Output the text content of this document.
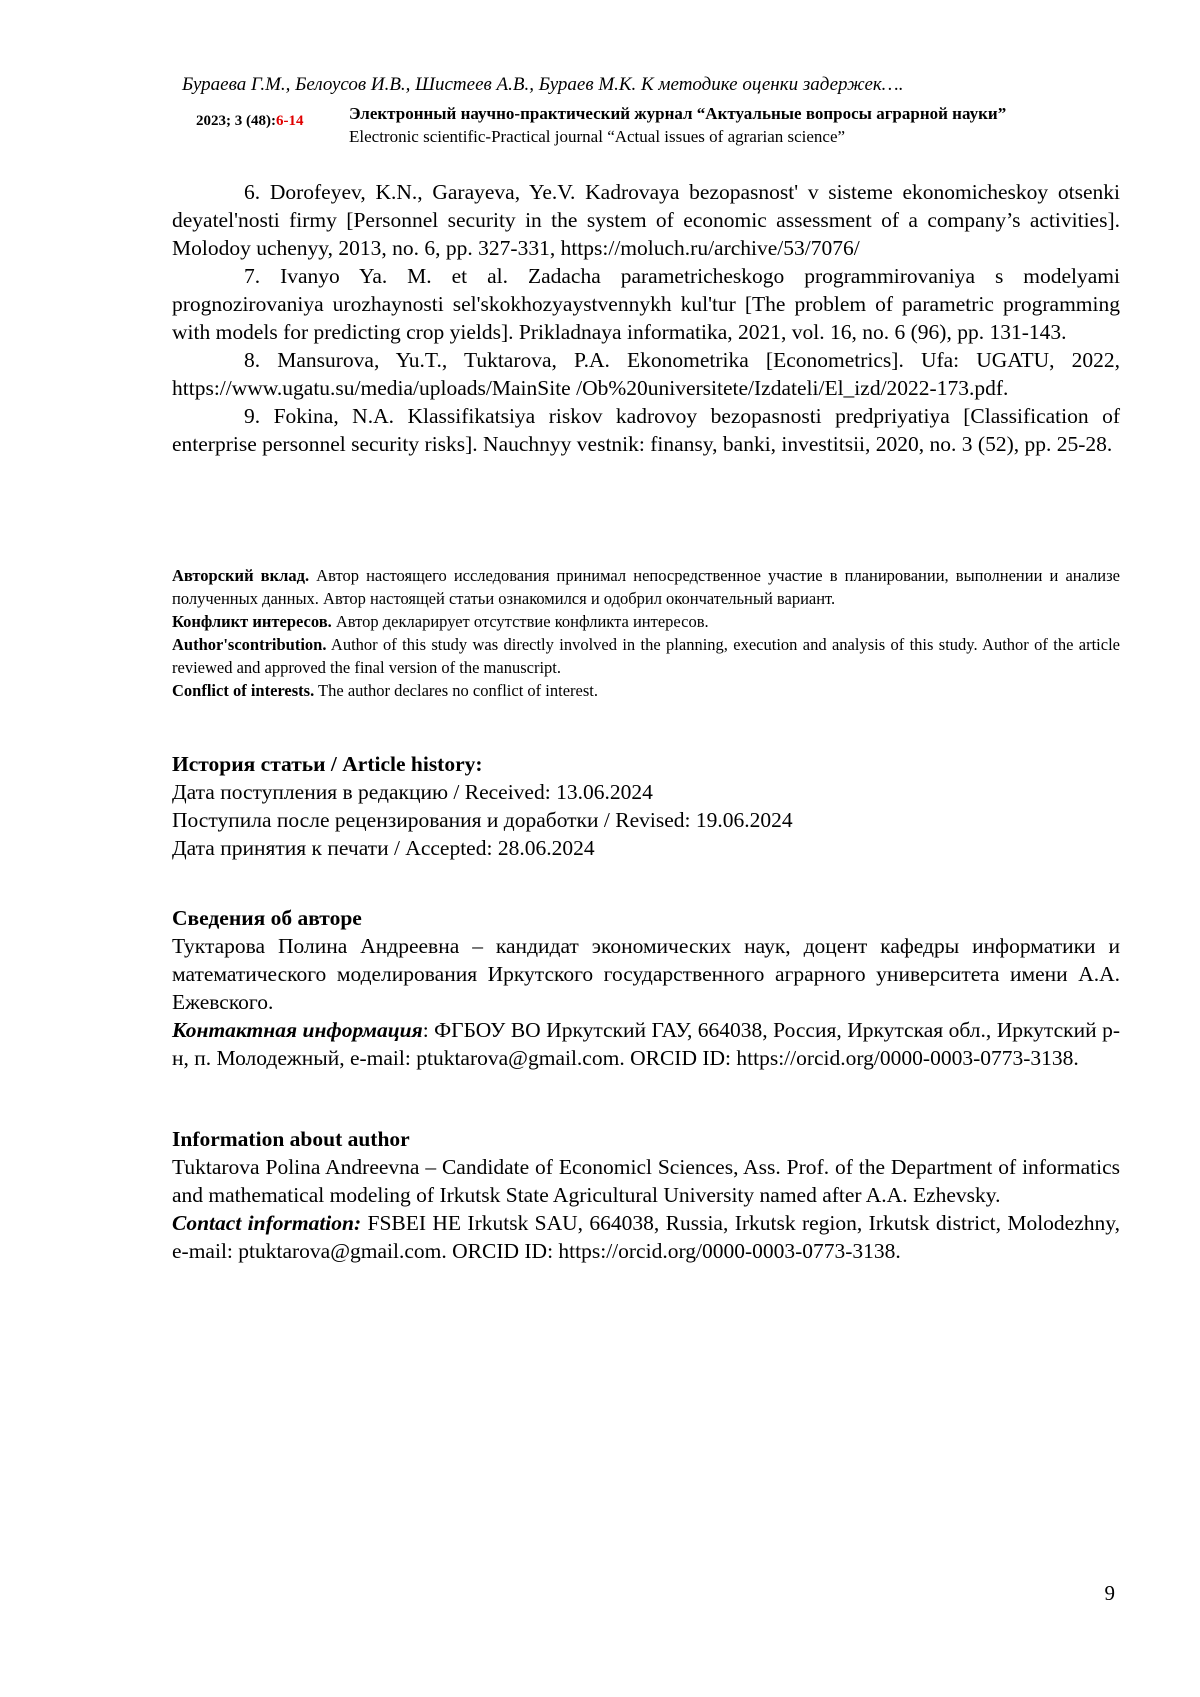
Бураева Г.М., Белоусов И.В., Шистеев А.В., Бураев М.К. К методике оценки задержек….
2023; 3 (48):6-14	Электронный научно-практический журнал “Актуальные вопросы аграрной науки”
Electronic scientific-Practical journal “Actual issues of agrarian science”

6. Dorofeyev, K.N., Garayeva, Ye.V. Kadrovaya bezopasnost' v sisteme ekonomicheskoy otsenki deyatel'nosti firmy [Personnel security in the system of economic assessment of a company’s activities]. Molodoy uchenyy, 2013, no. 6, pp. 327-331, https://moluch.ru/archive/53/7076/

7. Ivanyo Ya. M. et al. Zadacha parametricheskogo programmirovaniya s modelyami prognozirovaniya urozhaynosti sel'skokhozyaystvennykh kul'tur [The problem of parametric programming with models for predicting crop yields]. Prikladnaya informatika, 2021, vol. 16, no. 6 (96), pp. 131-143.

8. Mansurova, Yu.T., Tuktarova, P.A. Ekonometrika [Econometrics]. Ufa: UGATU, 2022, https://www.ugatu.su/media/uploads/MainSite /Ob%20universitete/Izdateli/El_izd/2022-173.pdf.

9. Fokina, N.A. Klassifikatsiya riskov kadrovoy bezopasnosti predpriyatiya [Classification of enterprise personnel security risks]. Nauchnyy vestnik: finansy, banki, investitsii, 2020, no. 3 (52), pp. 25-28.

Авторский вклад. Автор настоящего исследования принимал непосредственное участие в планировании, выполнении и анализе полученных данных. Автор настоящей статьи ознакомился и одобрил окончательный вариант.

Конфликт интересов. Автор декларирует отсутствие конфликта интересов.

Author'scontribution. Author of this study was directly involved in the planning, execution and analysis of this study. Author of the article reviewed and approved the final version of the manuscript.

Conflict of interests. The author declares no conflict of interest.

История статьи / Article history:

Дата поступления в редакцию / Received: 13.06.2024

Поступила после рецензирования и доработки / Revised: 19.06.2024

Дата принятия к печати / Accepted: 28.06.2024

Сведения об авторе

Туктарова Полина Андреевна – кандидат экономических наук, доцент кафедры информатики и математического моделирования Иркутского государственного аграрного университета имени А.А. Ежевского.

Контактная информация: ФГБОУ ВО Иркутский ГАУ, 664038, Россия, Иркутская обл., Иркутский р-н, п. Молодежный, e-mail: ptuktarova@gmail.com. ORCID ID: https://orcid.org/0000-0003-0773-3138.

Information about author

Tuktarova Polina Andreevna – Candidate of Economicl Sciences, Ass. Prof. of the Department of informatics and mathematical modeling of Irkutsk State Agricultural University named after A.A. Ezhevsky.

Contact information: FSBEI HE Irkutsk SAU, 664038, Russia, Irkutsk region, Irkutsk district, Molodezhny, e-mail: ptuktarova@gmail.com. ORCID ID: https://orcid.org/0000-0003-0773-3138.

9
